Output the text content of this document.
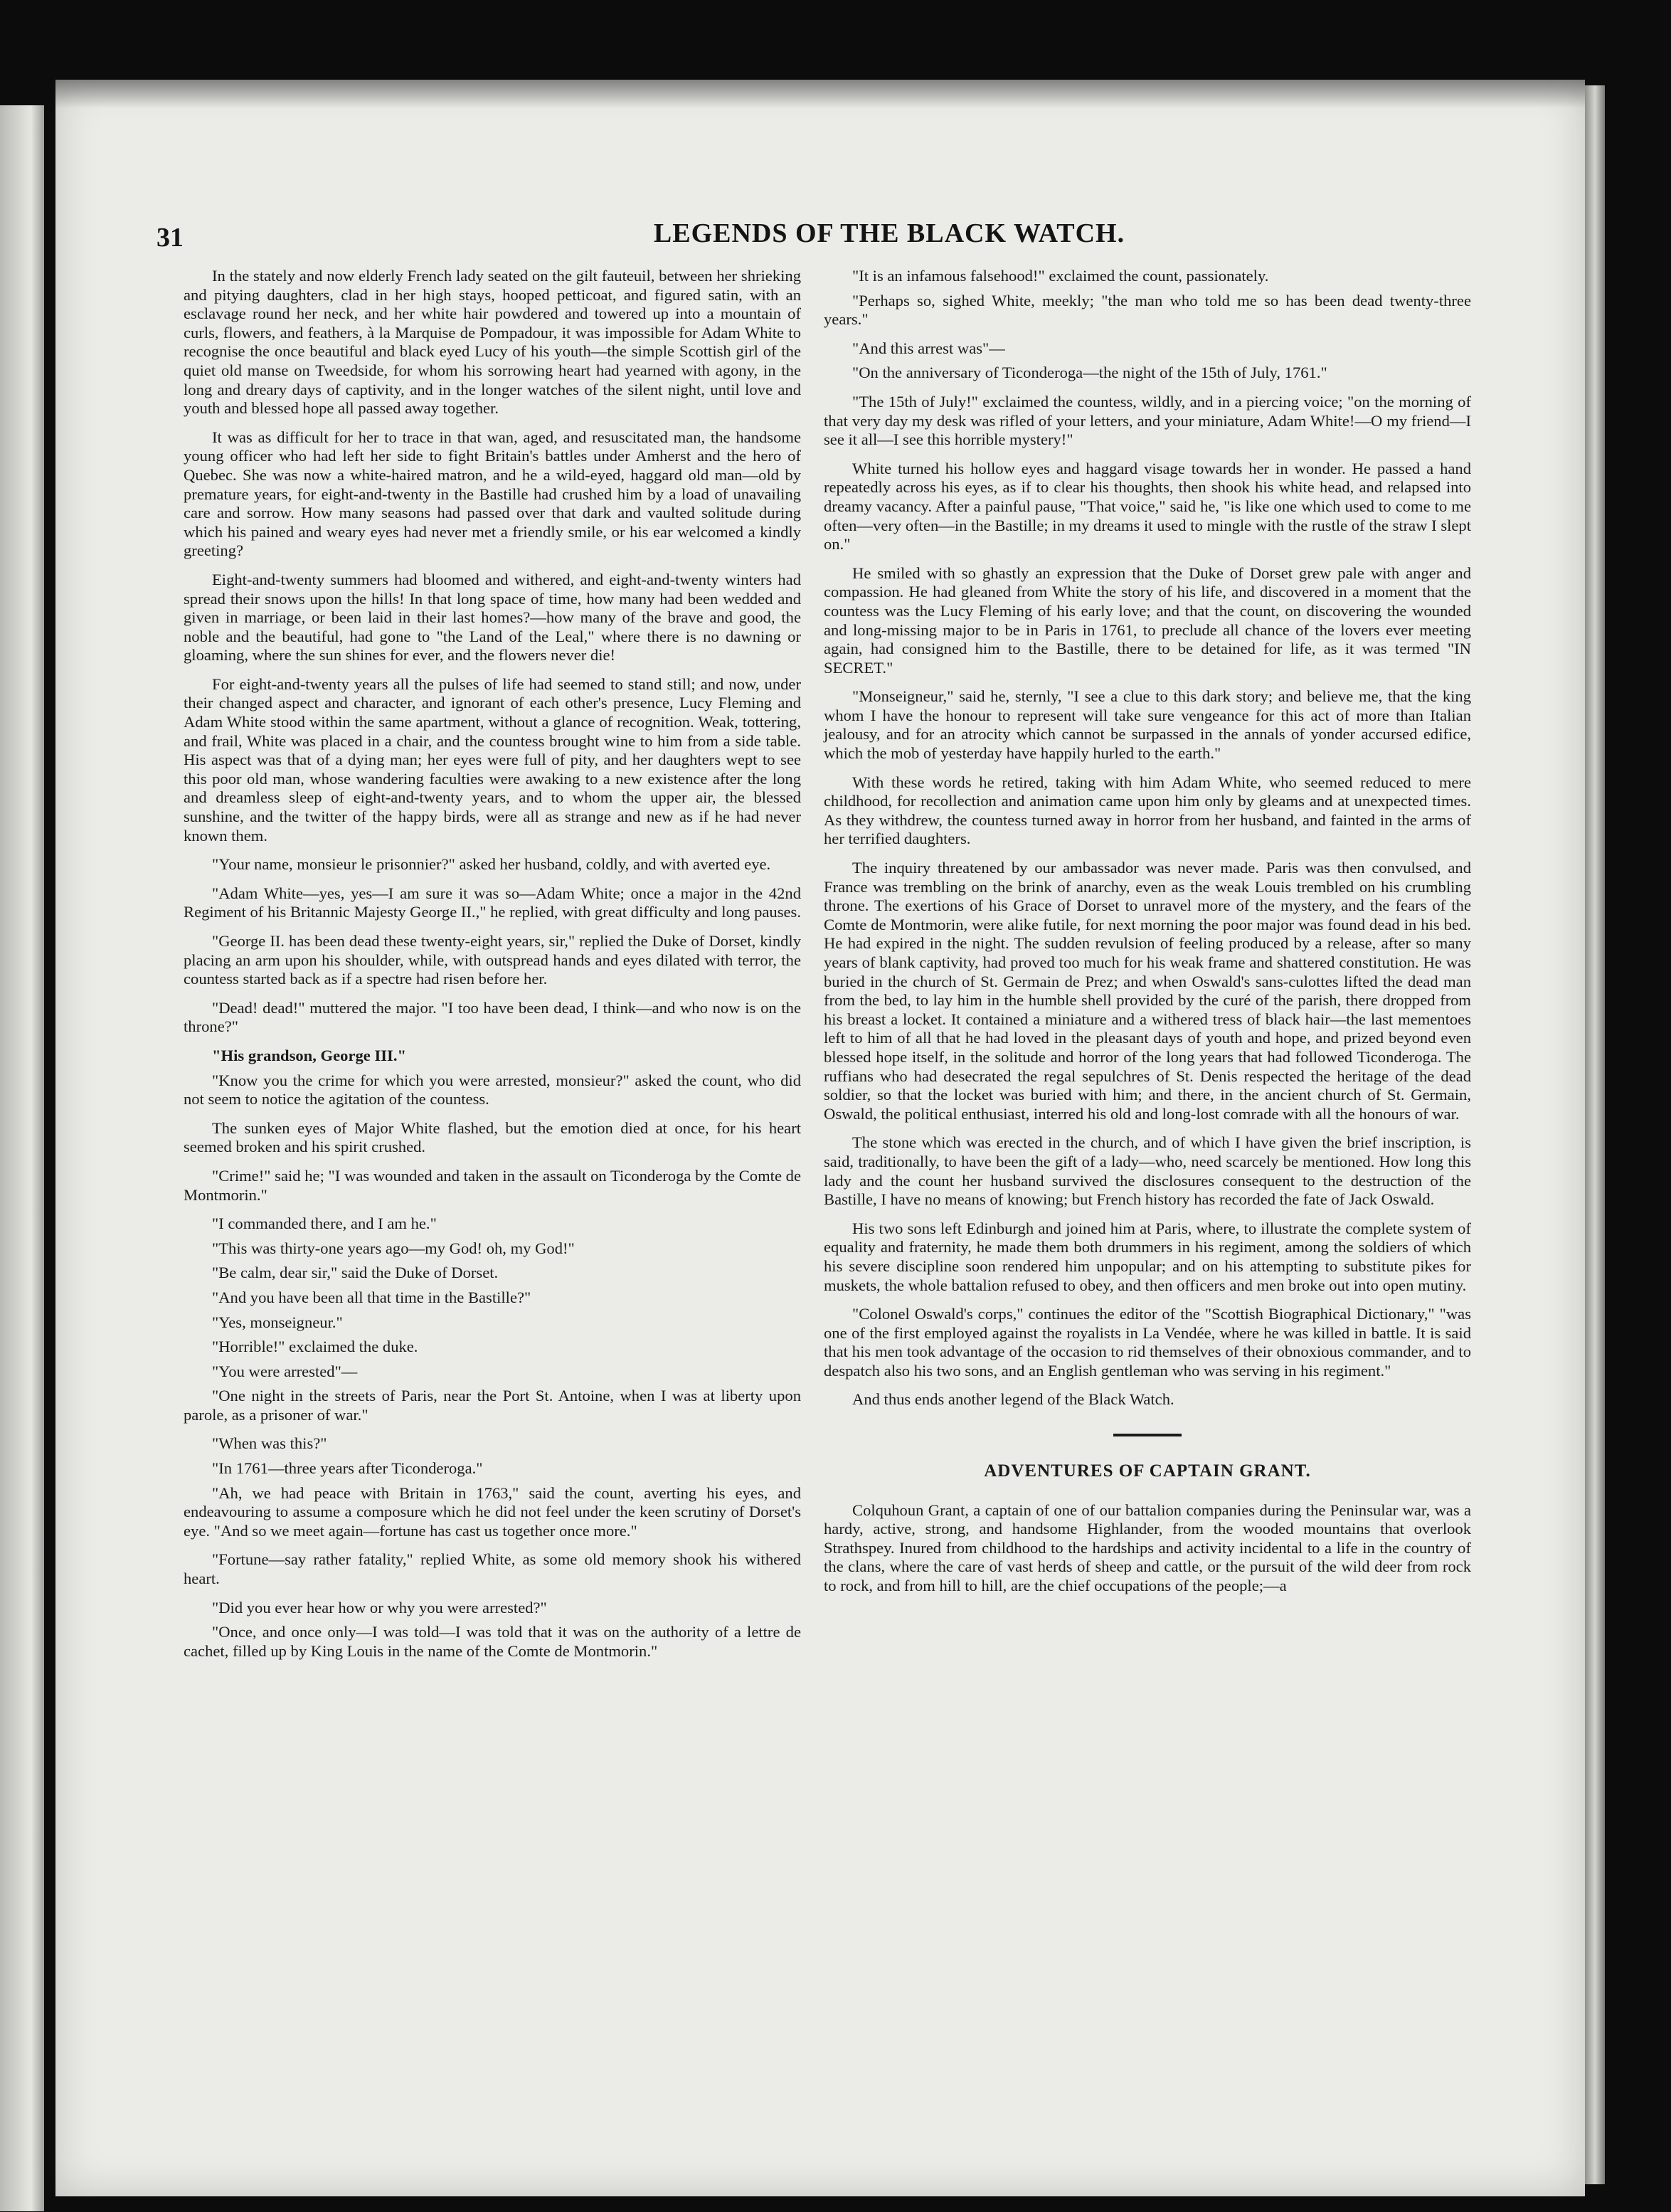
31	LEGENDS OF THE BLACK WATCH.

In the stately and now elderly French lady seated on the gilt fauteuil, between her shrieking and pitying daughters, clad in her high stays, hooped petticoat, and figured satin, with an esclavage round her neck, and her white hair powdered and towered up into a mountain of curls, flowers, and feathers, à la Marquise de Pompadour, it was impossible for Adam White to recognise the once beautiful and black eyed Lucy of his youth—the simple Scottish girl of the quiet old manse on Tweedside, for whom his sorrowing heart had yearned with agony, in the long and dreary days of captivity, and in the longer watches of the silent night, until love and youth and blessed hope all passed away together.

It was as difficult for her to trace in that wan, aged, and resuscitated man, the handsome young officer who had left her side to fight Britain's battles under Amherst and the hero of Quebec. She was now a white-haired matron, and he a wild-eyed, haggard old man—old by premature years, for eight-and-twenty in the Bastille had crushed him by a load of unavailing care and sorrow. How many seasons had passed over that dark and vaulted solitude during which his pained and weary eyes had never met a friendly smile, or his ear welcomed a kindly greeting?

Eight-and-twenty summers had bloomed and withered, and eight-and-twenty winters had spread their snows upon the hills! In that long space of time, how many had been wedded and given in marriage, or been laid in their last homes?—how many of the brave and good, the noble and the beautiful, had gone to "the Land of the Leal," where there is no dawning or gloaming, where the sun shines for ever, and the flowers never die!

For eight-and-twenty years all the pulses of life had seemed to stand still; and now, under their changed aspect and character, and ignorant of each other's presence, Lucy Fleming and Adam White stood within the same apartment, without a glance of recognition. Weak, tottering, and frail, White was placed in a chair, and the countess brought wine to him from a side table. His aspect was that of a dying man; her eyes were full of pity, and her daughters wept to see this poor old man, whose wandering faculties were awaking to a new existence after the long and dreamless sleep of eight-and-twenty years, and to whom the upper air, the blessed sunshine, and the twitter of the happy birds, were all as strange and new as if he had never known them.

"Your name, monsieur le prisonnier?" asked her husband, coldly, and with averted eye.

"Adam White—yes, yes—I am sure it was so—Adam White; once a major in the 42nd Regiment of his Britannic Majesty George II.," he replied, with great difficulty and long pauses.

"George II. has been dead these twenty-eight years, sir," replied the Duke of Dorset, kindly placing an arm upon his shoulder, while, with outspread hands and eyes dilated with terror, the countess started back as if a spectre had risen before her.

"Dead! dead!" muttered the major. "I too have been dead, I think—and who now is on the throne?"

"His grandson, George III."

"Know you the crime for which you were arrested, monsieur?" asked the count, who did not seem to notice the agitation of the countess.

The sunken eyes of Major White flashed, but the emotion died at once, for his heart seemed broken and his spirit crushed.

"Crime!" said he; "I was wounded and taken in the assault on Ticonderoga by the Comte de Montmorin."

"I commanded there, and I am he."

"This was thirty-one years ago—my God! oh, my God!"

"Be calm, dear sir," said the Duke of Dorset.

"And you have been all that time in the Bastille?"

"Yes, monseigneur."

"Horrible!" exclaimed the duke.

"You were arrested"—

"One night in the streets of Paris, near the Port St. Antoine, when I was at liberty upon parole, as a prisoner of war."

"When was this?"

"In 1761—three years after Ticonderoga."

"Ah, we had peace with Britain in 1763," said the count, averting his eyes, and endeavouring to assume a composure which he did not feel under the keen scrutiny of Dorset's eye. "And so we meet again—fortune has cast us together once more."

"Fortune—say rather fatality," replied White, as some old memory shook his withered heart.

"Did you ever hear how or why you were arrested?"

"Once, and once only—I was told—I was told that it was on the authority of a lettre de cachet, filled up by King Louis in the name of the Comte de Montmorin."

"It is an infamous falsehood!" exclaimed the count, passionately.

"Perhaps so, sighed White, meekly; "the man who told me so has been dead twenty-three years."

"And this arrest was"—

"On the anniversary of Ticonderoga—the night of the 15th of July, 1761."

"The 15th of July!" exclaimed the countess, wildly, and in a piercing voice; "on the morning of that very day my desk was rifled of your letters, and your miniature, Adam White!—O my friend—I see it all—I see this horrible mystery!"

White turned his hollow eyes and haggard visage towards her in wonder. He passed a hand repeatedly across his eyes, as if to clear his thoughts, then shook his white head, and relapsed into dreamy vacancy. After a painful pause, "That voice," said he, "is like one which used to come to me often—very often—in the Bastille; in my dreams it used to mingle with the rustle of the straw I slept on."

He smiled with so ghastly an expression that the Duke of Dorset grew pale with anger and compassion. He had gleaned from White the story of his life, and discovered in a moment that the countess was the Lucy Fleming of his early love; and that the count, on discovering the wounded and long-missing major to be in Paris in 1761, to preclude all chance of the lovers ever meeting again, had consigned him to the Bastille, there to be detained for life, as it was termed "IN SECRET."

"Monseigneur," said he, sternly, "I see a clue to this dark story; and believe me, that the king whom I have the honour to represent will take sure vengeance for this act of more than Italian jealousy, and for an atrocity which cannot be surpassed in the annals of yonder accursed edifice, which the mob of yesterday have happily hurled to the earth."

With these words he retired, taking with him Adam White, who seemed reduced to mere childhood, for recollection and animation came upon him only by gleams and at unexpected times. As they withdrew, the countess turned away in horror from her husband, and fainted in the arms of her terrified daughters.

The inquiry threatened by our ambassador was never made. Paris was then convulsed, and France was trembling on the brink of anarchy, even as the weak Louis trembled on his crumbling throne. The exertions of his Grace of Dorset to unravel more of the mystery, and the fears of the Comte de Montmorin, were alike futile, for next morning the poor major was found dead in his bed. He had expired in the night. The sudden revulsion of feeling produced by a release, after so many years of blank captivity, had proved too much for his weak frame and shattered constitution. He was buried in the church of St. Germain de Prez; and when Oswald's sans-culottes lifted the dead man from the bed, to lay him in the humble shell provided by the curé of the parish, there dropped from his breast a locket. It contained a miniature and a withered tress of black hair—the last mementoes left to him of all that he had loved in the pleasant days of youth and hope, and prized beyond even blessed hope itself, in the solitude and horror of the long years that had followed Ticonderoga. The ruffians who had desecrated the regal sepulchres of St. Denis respected the heritage of the dead soldier, so that the locket was buried with him; and there, in the ancient church of St. Germain, Oswald, the political enthusiast, interred his old and long-lost comrade with all the honours of war.

The stone which was erected in the church, and of which I have given the brief inscription, is said, traditionally, to have been the gift of a lady—who, need scarcely be mentioned. How long this lady and the count her husband survived the disclosures consequent to the destruction of the Bastille, I have no means of knowing; but French history has recorded the fate of Jack Oswald.

His two sons left Edinburgh and joined him at Paris, where, to illustrate the complete system of equality and fraternity, he made them both drummers in his regiment, among the soldiers of which his severe discipline soon rendered him unpopular; and on his attempting to substitute pikes for muskets, the whole battalion refused to obey, and then officers and men broke out into open mutiny.

"Colonel Oswald's corps," continues the editor of the "Scottish Biographical Dictionary," "was one of the first employed against the royalists in La Vendée, where he was killed in battle. It is said that his men took advantage of the occasion to rid themselves of their obnoxious commander, and to despatch also his two sons, and an English gentleman who was serving in his regiment."

And thus ends another legend of the Black Watch.

ADVENTURES OF CAPTAIN GRANT.

Colquhoun Grant, a captain of one of our battalion companies during the Peninsular war, was a hardy, active, strong, and handsome Highlander, from the wooded mountains that overlook Strathspey. Inured from childhood to the hardships and activity incidental to a life in the country of the clans, where the care of vast herds of sheep and cattle, or the pursuit of the wild deer from rock to rock, and from hill to hill, are the chief occupations of the people;—a
